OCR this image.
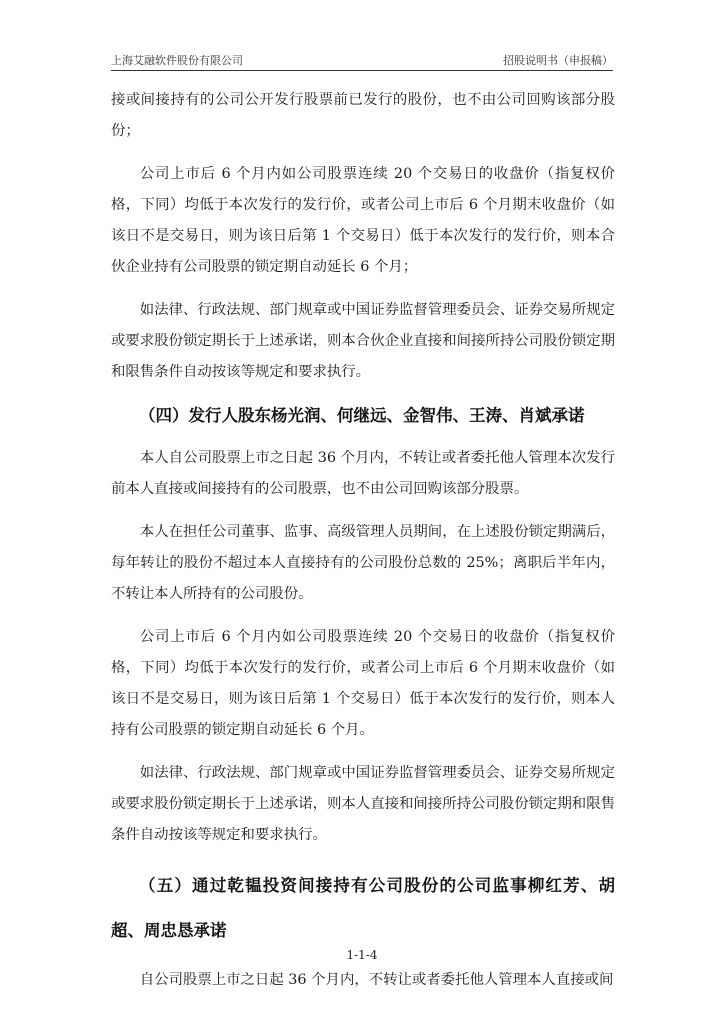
上海艾融软件股份有限公司	招股说明书（申报稿）

接或间接持有的公司公开发行股票前已发行的股份，也不由公司回购该部分股份；

公司上市后 6 个月内如公司股票连续 20 个交易日的收盘价（指复权价格，下同）均低于本次发行的发行价，或者公司上市后 6 个月期末收盘价（如该日不是交易日，则为该日后第 1 个交易日）低于本次发行的发行价，则本合伙企业持有公司股票的锁定期自动延长 6 个月；

如法律、行政法规、部门规章或中国证券监督管理委员会、证券交易所规定或要求股份锁定期长于上述承诺，则本合伙企业直接和间接所持公司股份锁定期和限售条件自动按该等规定和要求执行。

（四）发行人股东杨光润、何继远、金智伟、王涛、肖斌承诺

本人自公司股票上市之日起 36 个月内，不转让或者委托他人管理本次发行前本人直接或间接持有的公司股票，也不由公司回购该部分股票。

本人在担任公司董事、监事、高级管理人员期间，在上述股份锁定期满后，每年转让的股份不超过本人直接持有的公司股份总数的 25%；离职后半年内，不转让本人所持有的公司股份。

公司上市后 6 个月内如公司股票连续 20 个交易日的收盘价（指复权价格，下同）均低于本次发行的发行价，或者公司上市后 6 个月期末收盘价（如该日不是交易日，则为该日后第 1 个交易日）低于本次发行的发行价，则本人持有公司股票的锁定期自动延长 6 个月。

如法律、行政法规、部门规章或中国证券监督管理委员会、证券交易所规定或要求股份锁定期长于上述承诺，则本人直接和间接所持公司股份锁定期和限售条件自动按该等规定和要求执行。

（五）通过乾韫投资间接持有公司股份的公司监事柳红芳、胡超、周忠恳承诺

自公司股票上市之日起 36 个月内，不转让或者委托他人管理本人直接或间

1-1-4
